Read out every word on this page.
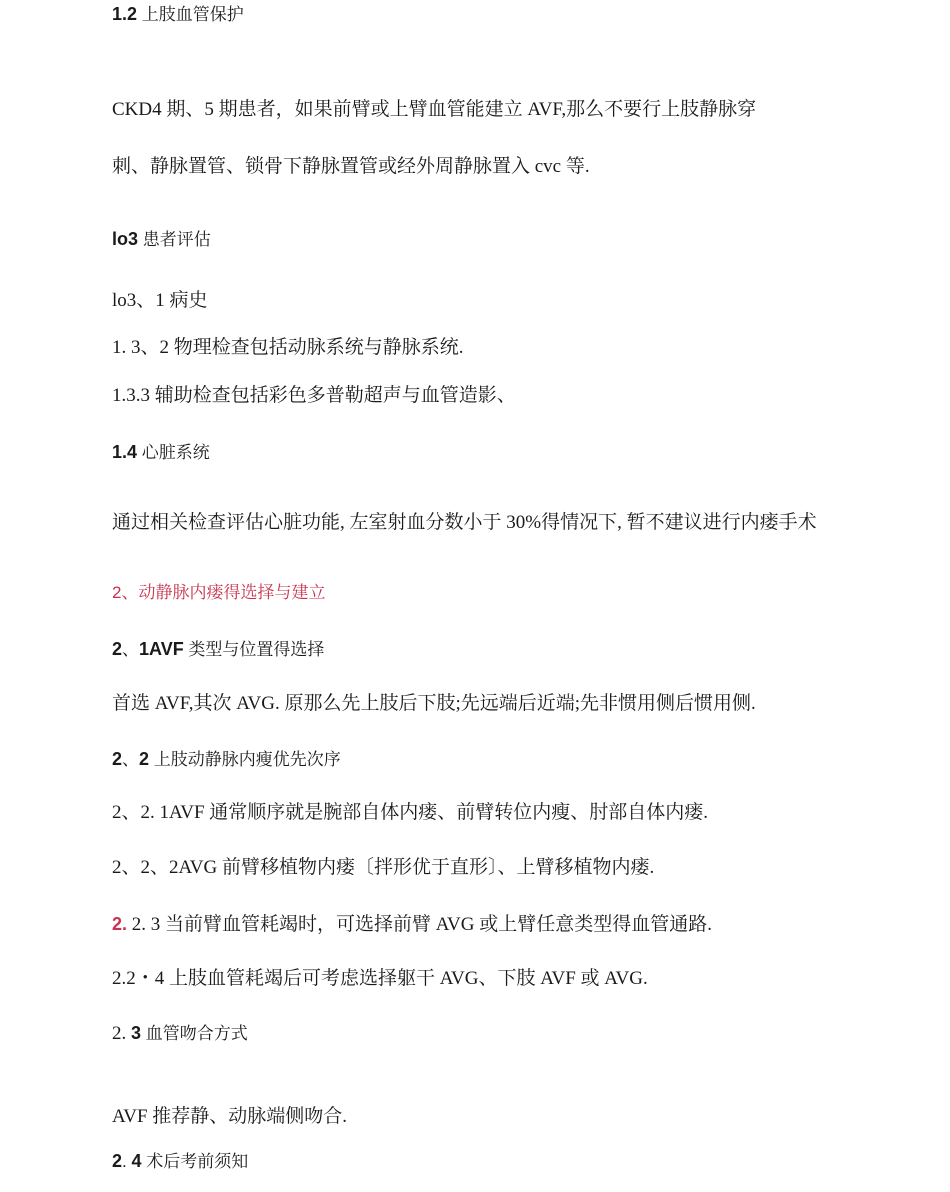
1.2 上肢血管保护
CKD4 期、5 期患者，如果前臂或上臂血管能建立 AVF,那么不要行上肢静脉穿
刺、静脉置管、锁骨下静脉置管或经外周静脉置入 cvc 等.
lo3 患者评估
lo3、1 病史
1. 3、2 物理检查包括动脉系统与静脉系统.
1.3.3 辅助检查包括彩色多普勒超声与血管造影、
1.4 心脏系统
通过相关检查评估心脏功能, 左室射血分数小于 30%得情况下, 暂不建议进行内瘘手术
2、动静脉内瘘得选择与建立
2、1AVF 类型与位置得选择
首选 AVF,其次 AVG. 原那么先上肢后下肢;先远端后近端;先非惯用侧后惯用侧.
2、2 上肢动静脉内瘦优先次序
2、2. 1AVF 通常顺序就是腕部自体内瘘、前臂转位内瘦、肘部自体内瘘.
2、2、2AVG 前臂移植物内瘘〔拌形优于直形〕、上臂移植物内瘘.
2. 2. 3 当前臂血管耗竭时，可选择前臂 AVG 或上臂任意类型得血管通路.
2.2・4 上肢血管耗竭后可考虑选择躯干 AVG、下肢 AVF 或 AVG.
2. 3 血管吻合方式
AVF 推荐静、动脉端侧吻合.
2. 4 术后考前须知
